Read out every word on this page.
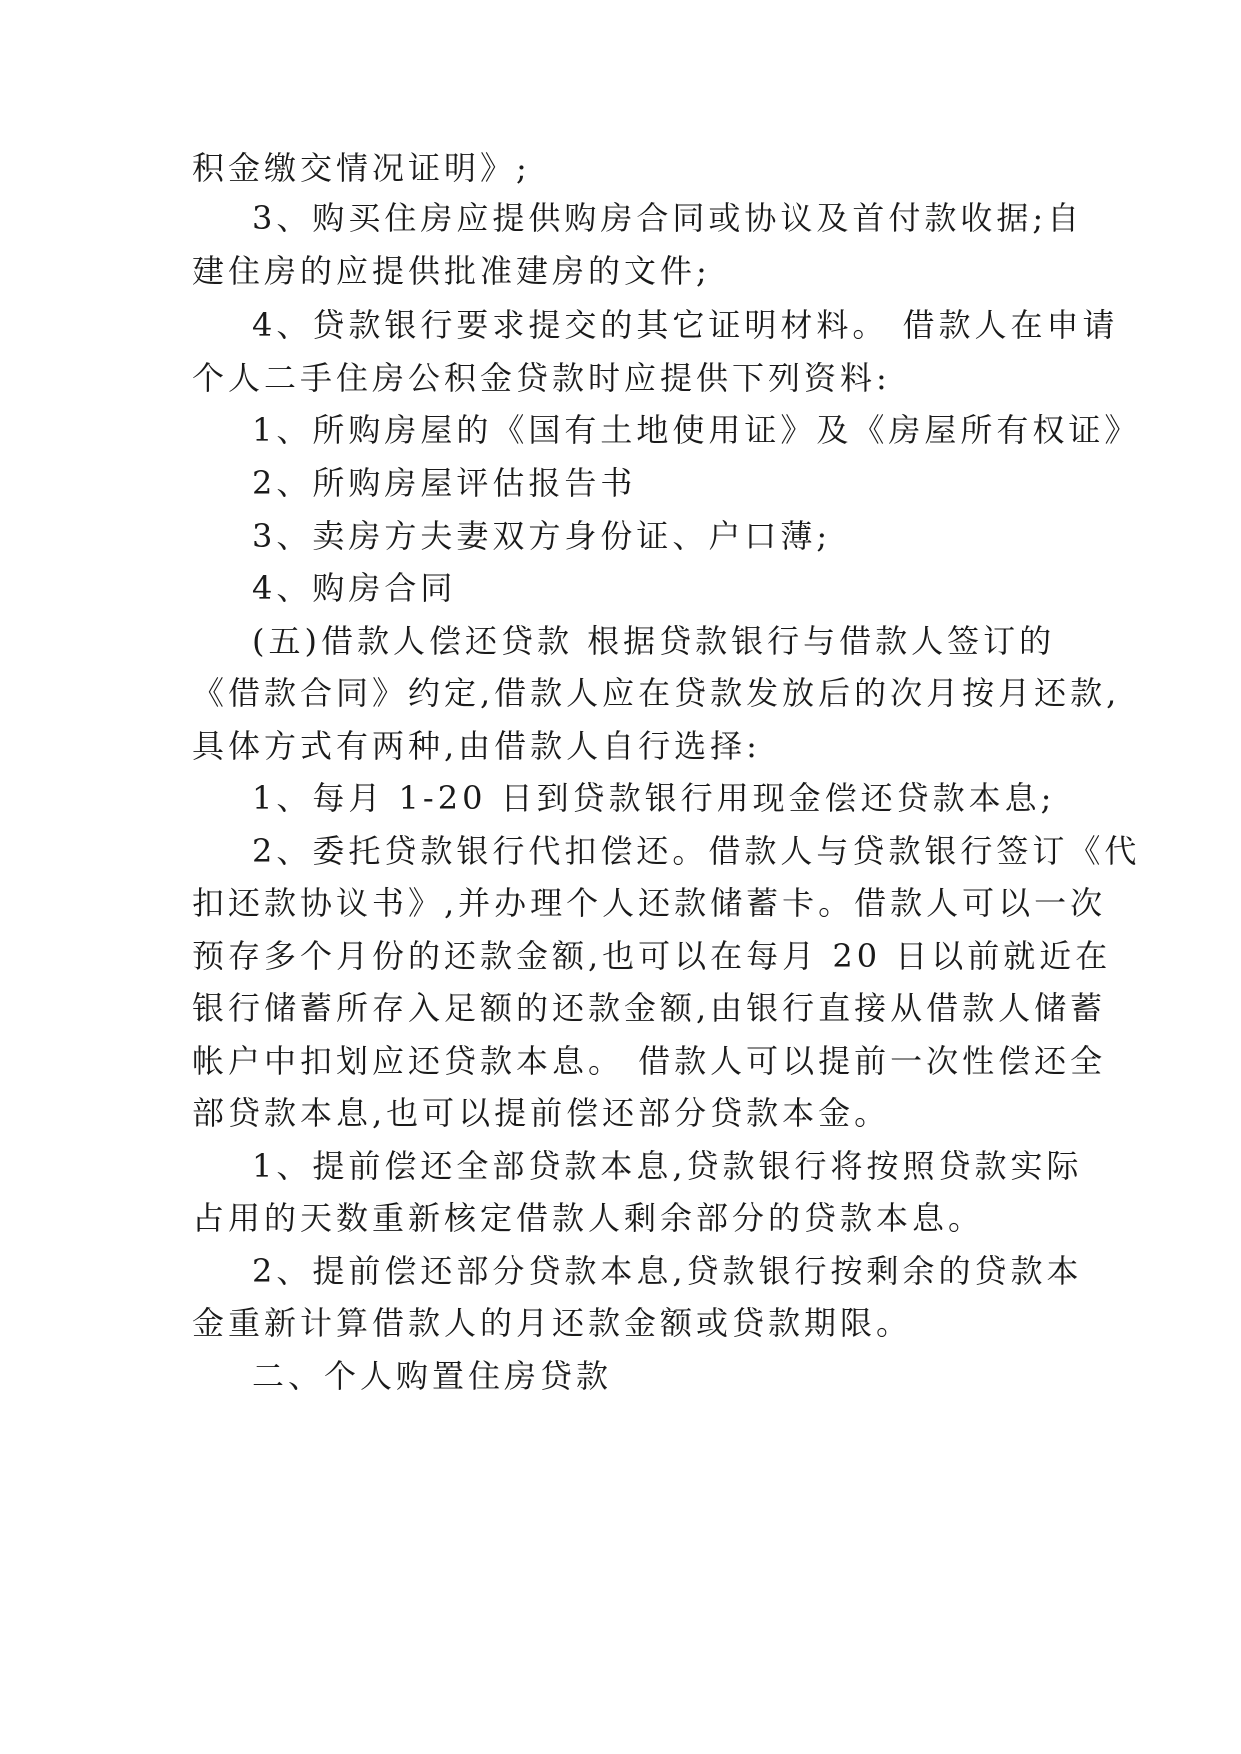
积金缴交情况证明》;
3、购买住房应提供购房合同或协议及首付款收据;自
建住房的应提供批准建房的文件;
4、贷款银行要求提交的其它证明材料。 借款人在申请
个人二手住房公积金贷款时应提供下列资料:
1、所购房屋的《国有土地使用证》及《房屋所有权证》
2、所购房屋评估报告书
3、卖房方夫妻双方身份证、户口薄;
4、购房合同
(五)借款人偿还贷款 根据贷款银行与借款人签订的
《借款合同》约定,借款人应在贷款发放后的次月按月还款,
具体方式有两种,由借款人自行选择:
1、每月 1-20 日到贷款银行用现金偿还贷款本息;
2、委托贷款银行代扣偿还。借款人与贷款银行签订《代
扣还款协议书》,并办理个人还款储蓄卡。借款人可以一次
预存多个月份的还款金额,也可以在每月 20 日以前就近在
银行储蓄所存入足额的还款金额,由银行直接从借款人储蓄
帐户中扣划应还贷款本息。 借款人可以提前一次性偿还全
部贷款本息,也可以提前偿还部分贷款本金。
1、提前偿还全部贷款本息,贷款银行将按照贷款实际
占用的天数重新核定借款人剩余部分的贷款本息。
2、提前偿还部分贷款本息,贷款银行按剩余的贷款本
金重新计算借款人的月还款金额或贷款期限。
二、个人购置住房贷款
